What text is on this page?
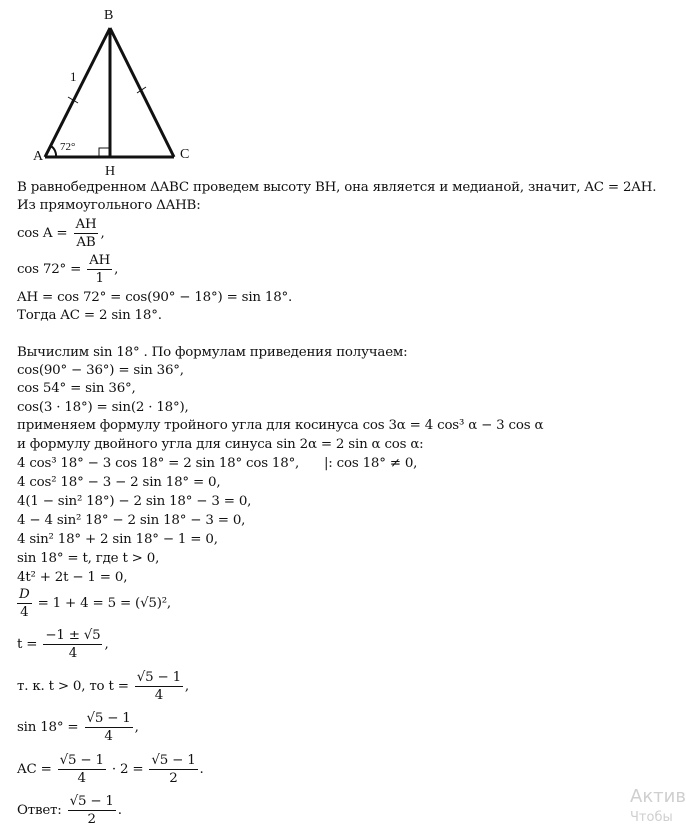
B
A	C
H
1
72°
В равнобедренном ΔABC проведем высоту BH, она является и медианой, значит, AC = 2AH.
Из прямоугольного ΔAHB:
$\cos A = \frac{AH}{AB}$ ,
$\cos 72^\circ = \frac{AH}{1}$ ,
AH = cos 72° = cos(90° − 18°) = sin 18°.
Тогда AC = 2 sin 18°.
Вычислим sin 18° . По формулам приведения получаем:
cos(90° − 36°) = sin 36°,
cos 54° = sin 36°,
cos(3 · 18°) = sin(2 · 18°),
применяем формулу тройного угла для косинуса cos 3α = 4 cos³ α − 3 cos α
и формулу двойного угла для синуса sin 2α = 2 sin α cos α:
4 cos³ 18° − 3 cos 18° = 2 sin 18° cos 18°, |: cos 18° ≠ 0,
4 cos² 18° − 3 − 2 sin 18° = 0,
4(1 − sin² 18°) − 2 sin 18° − 3 = 0,
4 − 4 sin² 18° − 2 sin 18° − 3 = 0,
4 sin² 18° + 2 sin 18° − 1 = 0,
sin 18° = t, где t > 0,
4t² + 2t − 1 = 0,
$\frac{D}{4} = 1 + 4 = 5 = (√5)^2$,
$t = \frac{-1 \pm √5}{4}$ ,
т. к. t > 0, то $t = \frac{√5 - 1}{4}$ ,
$\sin 18^\circ = \frac{√5 - 1}{4}$ ,
AC = $\frac{√5 - 1}{4} \cdot 2 = \frac{√5 - 1}{2}$ .
Ответ: $\frac{√5 - 1}{2}$ .
Актив
Чтобы
